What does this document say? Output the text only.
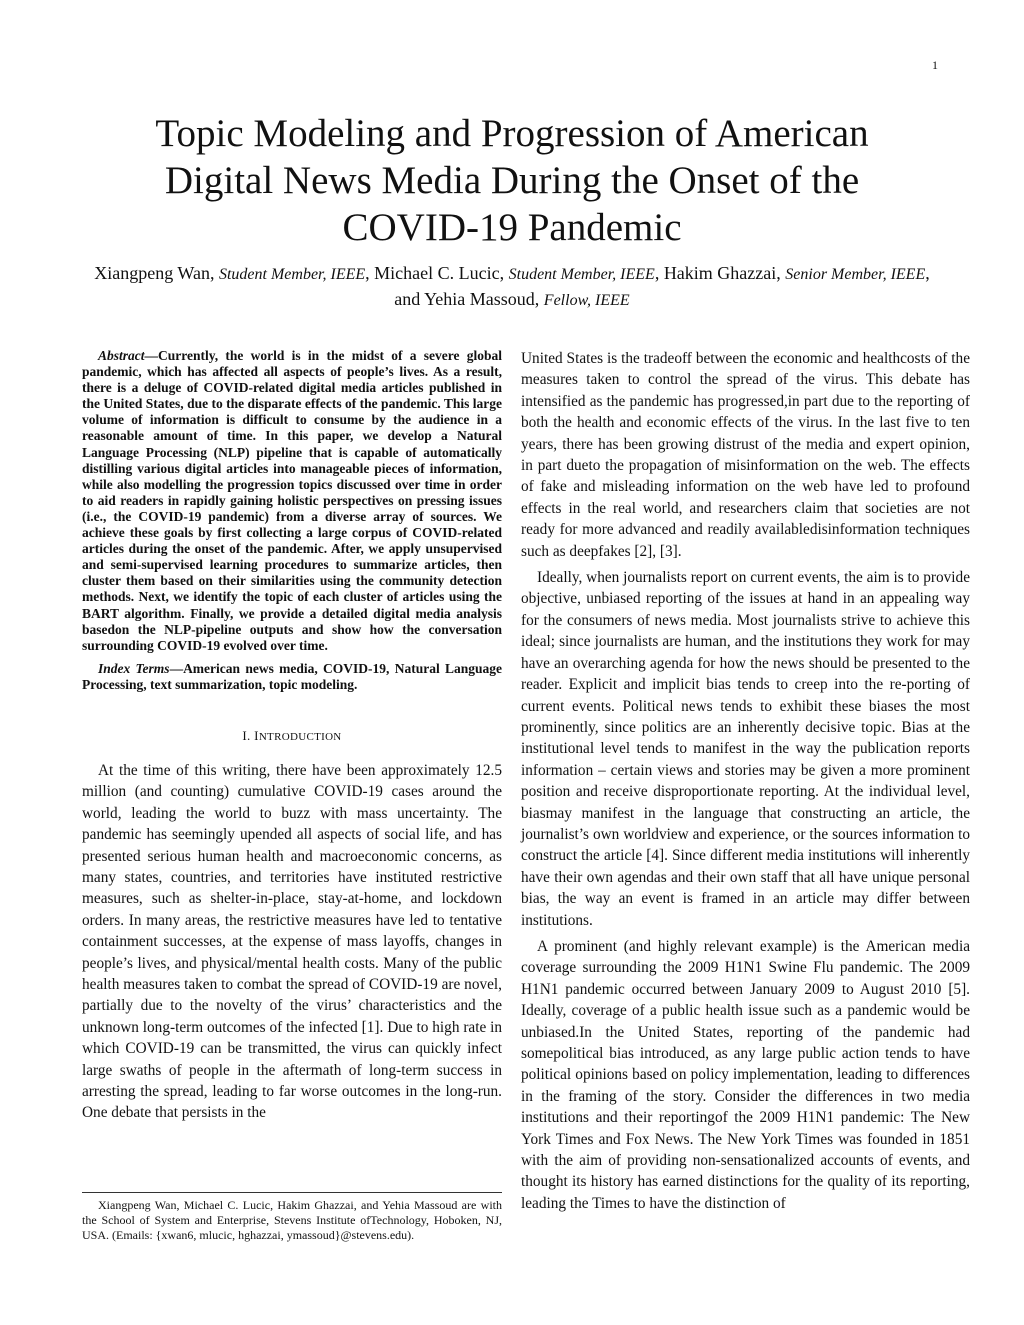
1
Topic Modeling and Progression of American Digital News Media During the Onset of the COVID-19 Pandemic
Xiangpeng Wan, Student Member, IEEE, Michael C. Lucic, Student Member, IEEE, Hakim Ghazzai, Senior Member, IEEE, and Yehia Massoud, Fellow, IEEE

Abstract—Currently, the world is in the midst of a severe global pandemic, which has affected all aspects of people’s lives. As a result, there is a deluge of COVID-related digital media articles published in the United States, due to the disparate effects of the pandemic. This large volume of information is difficult to consume by the audience in a reasonable amount of time. In this paper, we develop a Natural Language Processing (NLP) pipeline that is capable of automatically distilling various digital articles into manageable pieces of information, while also modelling the progression topics discussed over time in order to aid readers in rapidly gaining holistic perspectives on pressing issues (i.e., the COVID-19 pandemic) from a diverse array of sources. We achieve these goals by first collecting a large corpus of COVID-related articles during the onset of the pandemic. After, we apply unsupervised and semi-supervised learning procedures to summarize articles, then cluster them based on their similarities using the community detection methods. Next, we identify the topic of each cluster of articles using the BART algorithm. Finally, we provide a detailed digital media analysis basedon the NLP-pipeline outputs and show how the conversation surrounding COVID-19 evolved over time.

Index Terms—American news media, COVID-19, Natural Language Processing, text summarization, topic modeling.

I. INTRODUCTION

At the time of this writing, there have been approximately 12.5 million (and counting) cumulative COVID-19 cases around the world, leading the world to buzz with mass uncertainty. The pandemic has seemingly upended all aspects of social life, and has presented serious human health and macroeconomic concerns, as many states, countries, and territories have instituted restrictive measures, such as shelter-in-place, stay-at-home, and lockdown orders. In many areas, the restrictive measures have led to tentative containment successes, at the expense of mass layoffs, changes in people’s lives, and physical/mental health costs. Many of the public health measures taken to combat the spread of COVID-19 are novel, partially due to the novelty of the virus’ characteristics and the unknown long-term outcomes of the infected [1]. Due to high rate in which COVID-19 can be transmitted, the virus can quickly infect large swaths of people in the aftermath of long-term success in arresting the spread, leading to far worse outcomes in the long-run. One debate that persists in the

United States is the tradeoff between the economic and healthcosts of the measures taken to control the spread of the virus. This debate has intensified as the pandemic has progressed,in part due to the reporting of both the health and economic effects of the virus. In the last five to ten years, there has been growing distrust of the media and expert opinion, in part dueto the propagation of misinformation on the web. The effects of fake and misleading information on the web have led to profound effects in the real world, and researchers claim that societies are not ready for more advanced and readily availabledisinformation techniques such as deepfakes [2], [3].

Ideally, when journalists report on current events, the aim is to provide objective, unbiased reporting of the issues at hand in an appealing way for the consumers of news media. Most journalists strive to achieve this ideal; since journalists are human, and the institutions they work for may have an overarching agenda for how the news should be presented to the reader. Explicit and implicit bias tends to creep into the re-porting of current events. Political news tends to exhibit these biases the most prominently, since politics are an inherently decisive topic. Bias at the institutional level tends to manifest in the way the publication reports information – certain views and stories may be given a more prominent position and receive disproportionate reporting. At the individual level, biasmay manifest in the language that constructing an article, the journalist’s own worldview and experience, or the sources information to construct the article [4]. Since different media institutions will inherently have their own agendas and their own staff that all have unique personal bias, the way an event is framed in an article may differ between institutions.

A prominent (and highly relevant example) is the American media coverage surrounding the 2009 H1N1 Swine Flu pandemic. The 2009 H1N1 pandemic occurred between January 2009 to August 2010 [5]. Ideally, coverage of a public health issue such as a pandemic would be unbiased.In the United States, reporting of the pandemic had somepolitical bias introduced, as any large public action tends to have political opinions based on policy implementation, leading to differences in the framing of the story. Consider the differences in two media institutions and their reportingof the 2009 H1N1 pandemic: The New York Times and Fox News. The New York Times was founded in 1851 with the aim of providing non-sensationalized accounts of events, and thought its history has earned distinctions for the quality of its reporting, leading the Times to have the distinction of

Xiangpeng Wan, Michael C. Lucic, Hakim Ghazzai, and Yehia Massoud are with the School of System and Enterprise, Stevens Institute ofTechnology, Hoboken, NJ, USA. (Emails: {xwan6, mlucic, hghazzai, ymassoud}@stevens.edu).
